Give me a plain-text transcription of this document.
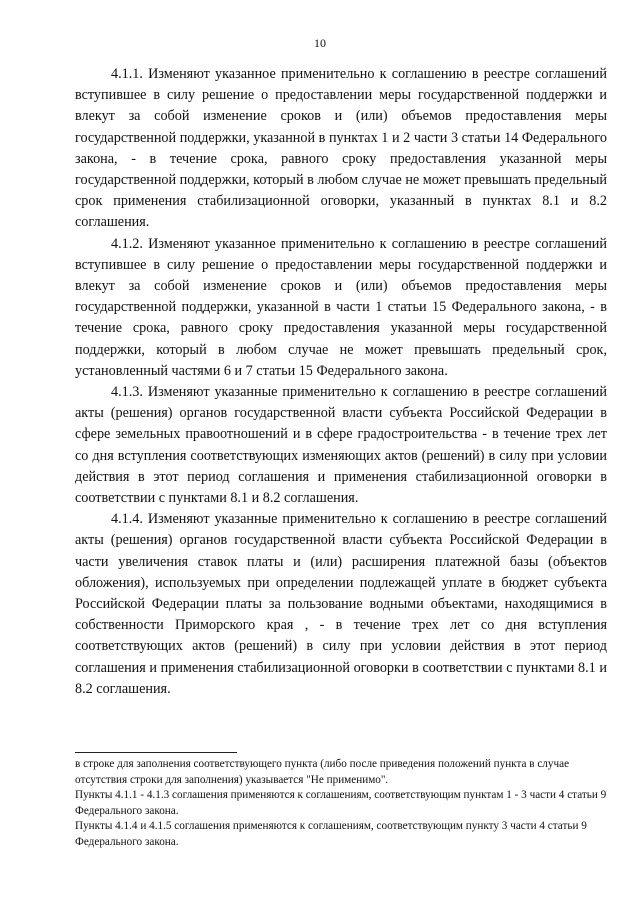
10

4.1.1. Изменяют указанное применительно к соглашению в реестре соглашений вступившее в силу решение о предоставлении меры государственной поддержки и влекут за собой изменение сроков и (или) объемов предоставления меры государственной поддержки, указанной в пунктах 1 и 2 части 3 статьи 14 Федерального закона, - в течение срока, равного сроку предоставления указанной меры государственной поддержки, который в любом случае не может превышать предельный срок применения стабилизационной оговорки, указанный в пунктах 8.1 и 8.2 соглашения.

4.1.2. Изменяют указанное применительно к соглашению в реестре соглашений вступившее в силу решение о предоставлении меры государственной поддержки и влекут за собой изменение сроков и (или) объемов предоставления меры государственной поддержки, указанной в части 1 статьи 15 Федерального закона, - в течение срока, равного сроку предоставления указанной меры государственной поддержки, который в любом случае не может превышать предельный срок, установленный частями 6 и 7 статьи 15 Федерального закона.

4.1.3. Изменяют указанные применительно к соглашению в реестре соглашений акты (решения) органов государственной власти субъекта Российской Федерации в сфере земельных правоотношений и в сфере градостроительства - в течение трех лет со дня вступления соответствующих изменяющих актов (решений) в силу при условии действия в этот период соглашения и применения стабилизационной оговорки в соответствии с пунктами 8.1 и 8.2 соглашения.

4.1.4. Изменяют указанные применительно к соглашению в реестре соглашений акты (решения) органов государственной власти субъекта Российской Федерации в части увеличения ставок платы и (или) расширения платежной базы (объектов обложения), используемых при определении подлежащей уплате в бюджет субъекта Российской Федерации платы за пользование водными объектами, находящимися в собственности Приморского края , - в течение трех лет со дня вступления соответствующих актов (решений) в силу при условии действия в этот период соглашения и применения стабилизационной оговорки в соответствии с пунктами 8.1 и 8.2 соглашения.

в строке для заполнения соответствующего пункта (либо после приведения положений пункта в случае отсутствия строки для заполнения) указывается "Не применимо".

Пункты 4.1.1 - 4.1.3 соглашения применяются к соглашениям, соответствующим пунктам 1 - 3 части 4 статьи 9 Федерального закона.

Пункты 4.1.4 и 4.1.5 соглашения применяются к соглашениям, соответствующим пункту 3 части 4 статьи 9 Федерального закона.
